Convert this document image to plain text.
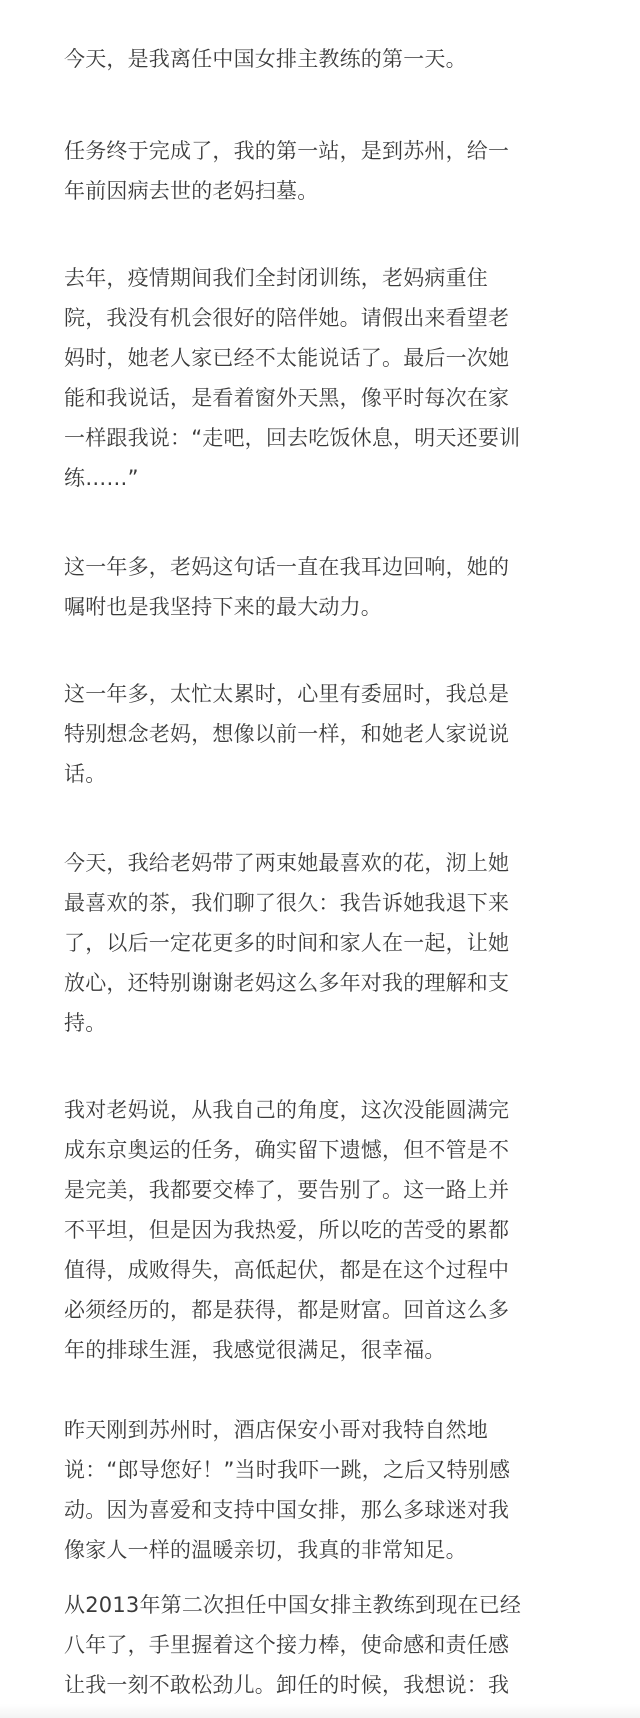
今天，是我离任中国女排主教练的第一天。

任务终于完成了，我的第一站，是到苏州，给一
年前因病去世的老妈扫墓。

去年，疫情期间我们全封闭训练，老妈病重住
院，我没有机会很好的陪伴她。请假出来看望老
妈时，她老人家已经不太能说话了。最后一次她
能和我说话，是看着窗外天黑，像平时每次在家
一样跟我说：“走吧，回去吃饭休息，明天还要训
练……”

这一年多，老妈这句话一直在我耳边回响，她的
嘱咐也是我坚持下来的最大动力。

这一年多，太忙太累时，心里有委屈时，我总是
特别想念老妈，想像以前一样，和她老人家说说
话。

今天，我给老妈带了两束她最喜欢的花，沏上她
最喜欢的茶，我们聊了很久：我告诉她我退下来
了，以后一定花更多的时间和家人在一起，让她
放心，还特别谢谢老妈这么多年对我的理解和支
持。

我对老妈说，从我自己的角度，这次没能圆满完
成东京奥运的任务，确实留下遗憾，但不管是不
是完美，我都要交棒了，要告别了。这一路上并
不平坦，但是因为我热爱，所以吃的苦受的累都
值得，成败得失，高低起伏，都是在这个过程中
必须经历的，都是获得，都是财富。回首这么多
年的排球生涯，我感觉很满足，很幸福。

昨天刚到苏州时，酒店保安小哥对我特自然地
说：“郎导您好！”当时我吓一跳，之后又特别感
动。因为喜爱和支持中国女排，那么多球迷对我
像家人一样的温暖亲切，我真的非常知足。

从2013年第二次担任中国女排主教练到现在已经
八年了，手里握着这个接力棒，使命感和责任感
让我一刻不敢松劲儿。卸任的时候，我想说：我
